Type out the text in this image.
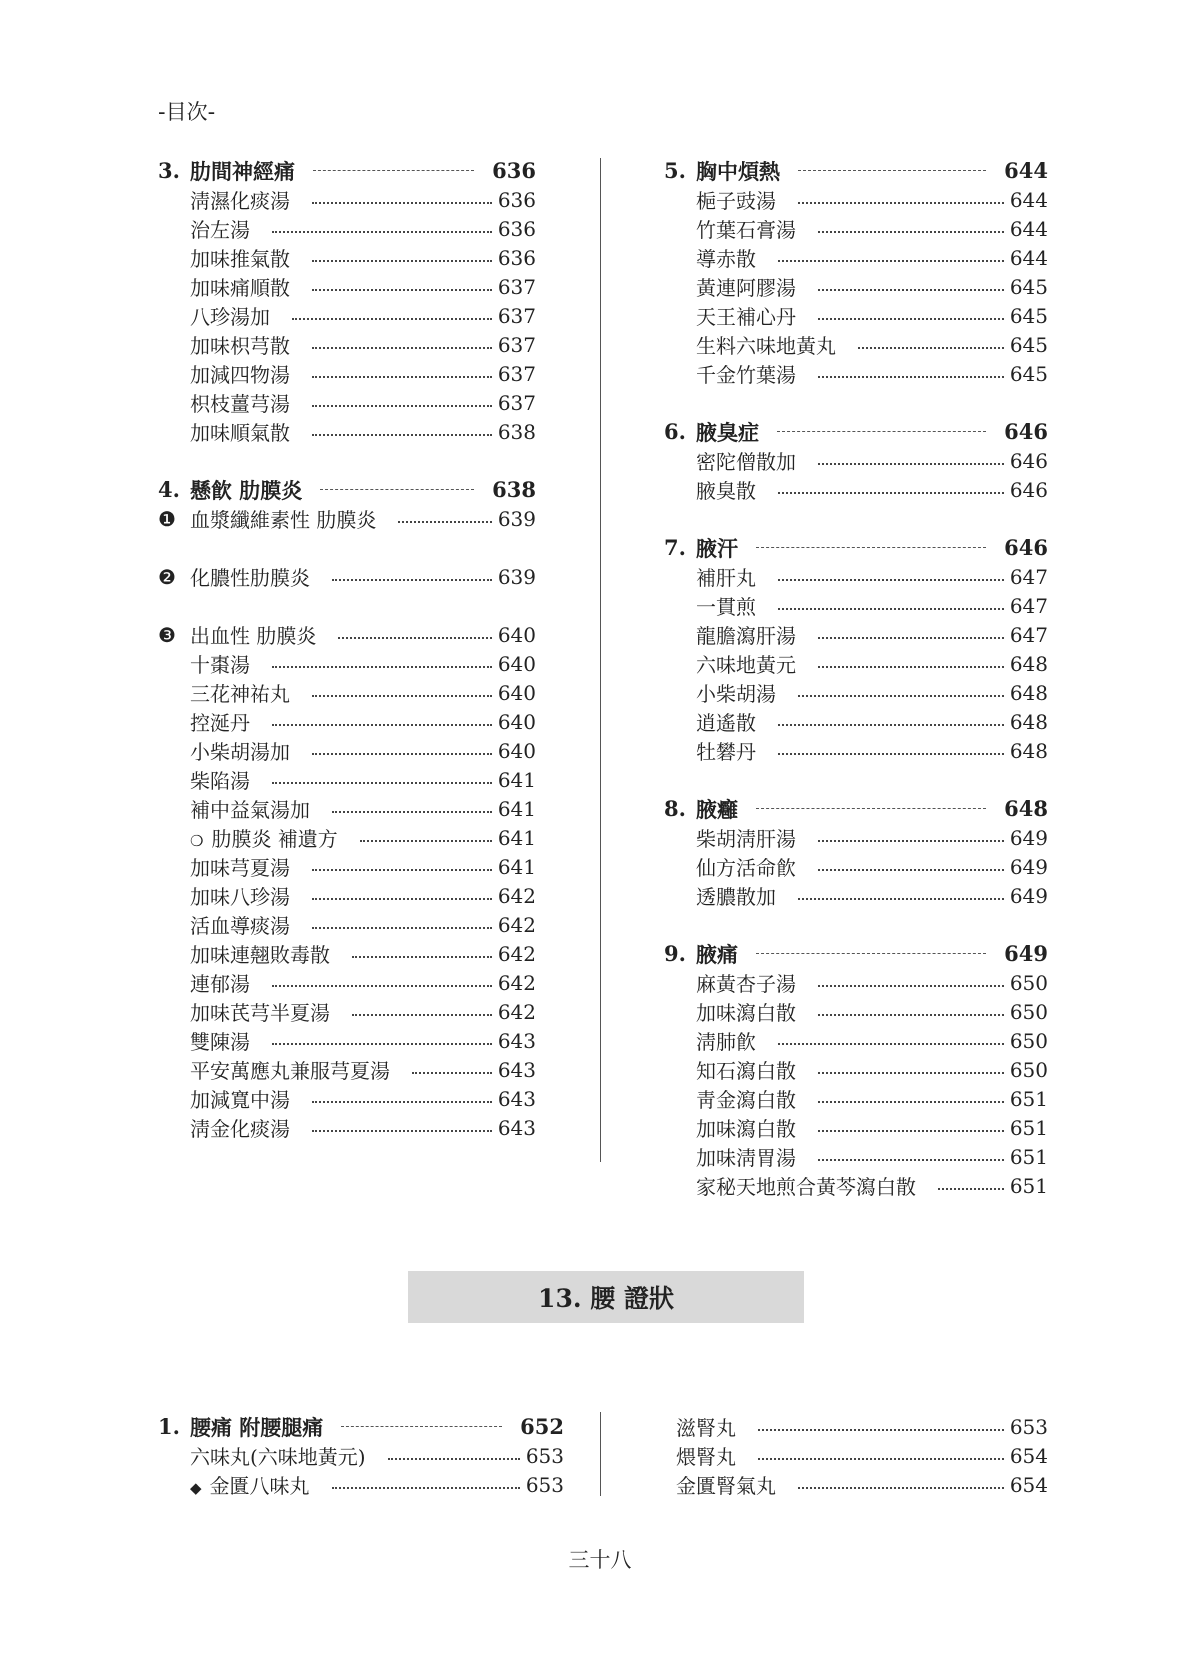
-目次-
3. 肋間神經痛	636
淸濕化痰湯	636
治左湯	636
加味推氣散	636
加味痛順散	637
八珍湯加	637
加味枳芎散	637
加減四物湯	637
枳枝薑芎湯	637
加味順氣散	638
4. 懸飮 肋膜炎	638
❶ 血漿纖維素性 肋膜炎	639
❷ 化膿性肋膜炎	639
❸ 出血性 肋膜炎	640
十棗湯	640
三花神祐丸	640
控涎丹	640
小柴胡湯加	640
柴陷湯	641
補中益氣湯加	641
❍ 肋膜炎 補遺方	641
加味芎夏湯	641
加味八珍湯	642
活血導痰湯	642
加味連翹敗毒散	642
連郁湯	642
加味芪芎半夏湯	642
雙陳湯	643
平安萬應丸兼服芎夏湯	643
加減寬中湯	643
淸金化痰湯	643
5. 胸中煩熱	644
梔子豉湯	644
竹葉石膏湯	644
導赤散	644
黃連阿膠湯	645
天王補心丹	645
生料六味地黃丸	645
千金竹葉湯	645
6. 腋臭症	646
密陀僧散加	646
腋臭散	646
7. 腋汗	646
補肝丸	647
一貫煎	647
龍膽瀉肝湯	647
六味地黃元	648
小柴胡湯	648
逍遙散	648
牡礬丹	648
8. 腋癰	648
柴胡淸肝湯	649
仙方活命飮	649
透膿散加	649
9. 腋痛	649
麻黃杏子湯	650
加味瀉白散	650
淸肺飮	650
知石瀉白散	650
靑金瀉白散	651
加味瀉白散	651
加味淸胃湯	651
家秘天地煎合黃芩瀉白散	651
13. 腰 證狀
1. 腰痛 附腰腿痛	652
六味丸(六味地黃元)	653
◆ 金匱八味丸	653
滋腎丸	653
煨腎丸	654
金匱腎氣丸	654
三十八
